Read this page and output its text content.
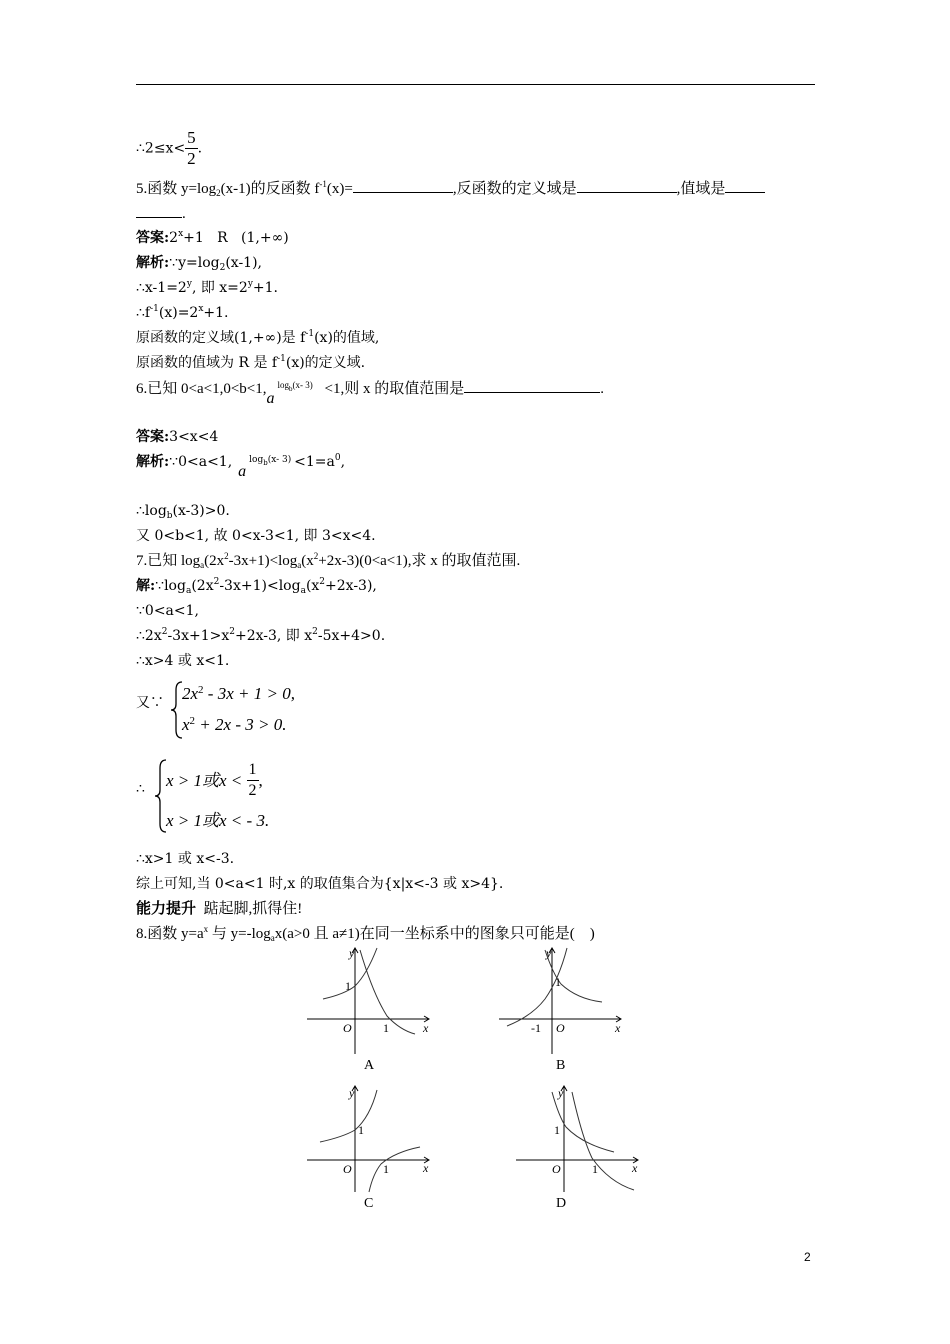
∴2≤x< $\frac{5}{2}$ .
5.函数 $y=\log_2(x-1)$的反函数 $f^{-1}(x)=$	,反函数的定义域是	,值域是
.
答案$:2^x+1$   R   (1,+∞)
解析$:\because y=\log_2(x-1)$,
$\therefore x-1=2^y$, 即 $x=2^y+1$.
$\therefore f^{-1}(x)=2^x+1$.
原函数的定义域(1,+∞)是 $f^{-1}(x)$的值域,
原函数的值域为 R 是 $f^{-1}(x)$的定义域.
6.已知 0<a<1,0<b<1,
a
$\log_b(x-$ 3) <1,则 x 的取值范围是	.
答案:3<x<4
解析:∵0<a<1,
a
$\log_b(x-$ $3) <1=a^0$,
$\therefore\log_b(x-3)>0$.
又 0<b<1, 故 0<x-3<1, 即 3<x<4.
7.已知 $\log_a(2x^2-3x+1)<\log_a(x^2+2x-3)(0<a<1)$,求 x 的取值范围.
解$:\because\log_a(2x^2-3x+1)<\log_a(x^2+2x-3)$,
∵0<a<1,
$\therefore 2x^2-3x+1>x^2+2x-3$, 即 $x^2-5x+4>0$.
∴x>4 或 x<1.
又∵ $2x^2 - 3x + 1 > 0$,
$x^2 + 2x - 3 > 0$.
∴ x > 1或$x < \frac{1}{2}$ ,
x > 1或x < - 3.
∴x>1 或 x<-3.
综上可知,当 0<a<1 时,x 的取值集合为{x|x<-3 或 x>4}.
能力提升 踮起脚,抓得住!
8.函数 $y=a^x$ 与 $y=-\log_ax(a>0$ 且 a≠1)在同一坐标系中的图象只可能是(    )
y
x
O
1
1
A
y
x
O
1
-1
B
y
x
O
1
1
C
y
x
O
1
1
D
2
